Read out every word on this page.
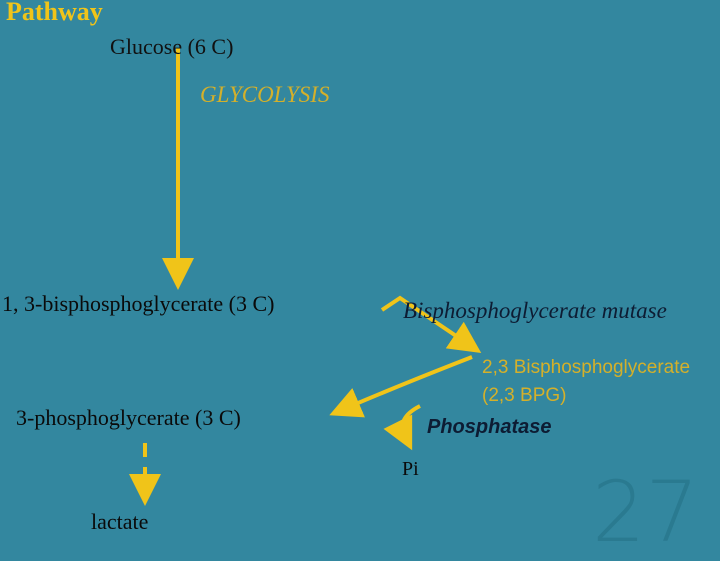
27
Pathway
Glucose (6 C)
GLYCOLYSIS
1, 3-bisphosphoglycerate (3 C)	Bisphosphoglycerate mutase
2,3 Bisphosphoglycerate
(2,3 BPG)
Phosphatase
3-phosphoglycerate (3 C)
Pi
lactate
